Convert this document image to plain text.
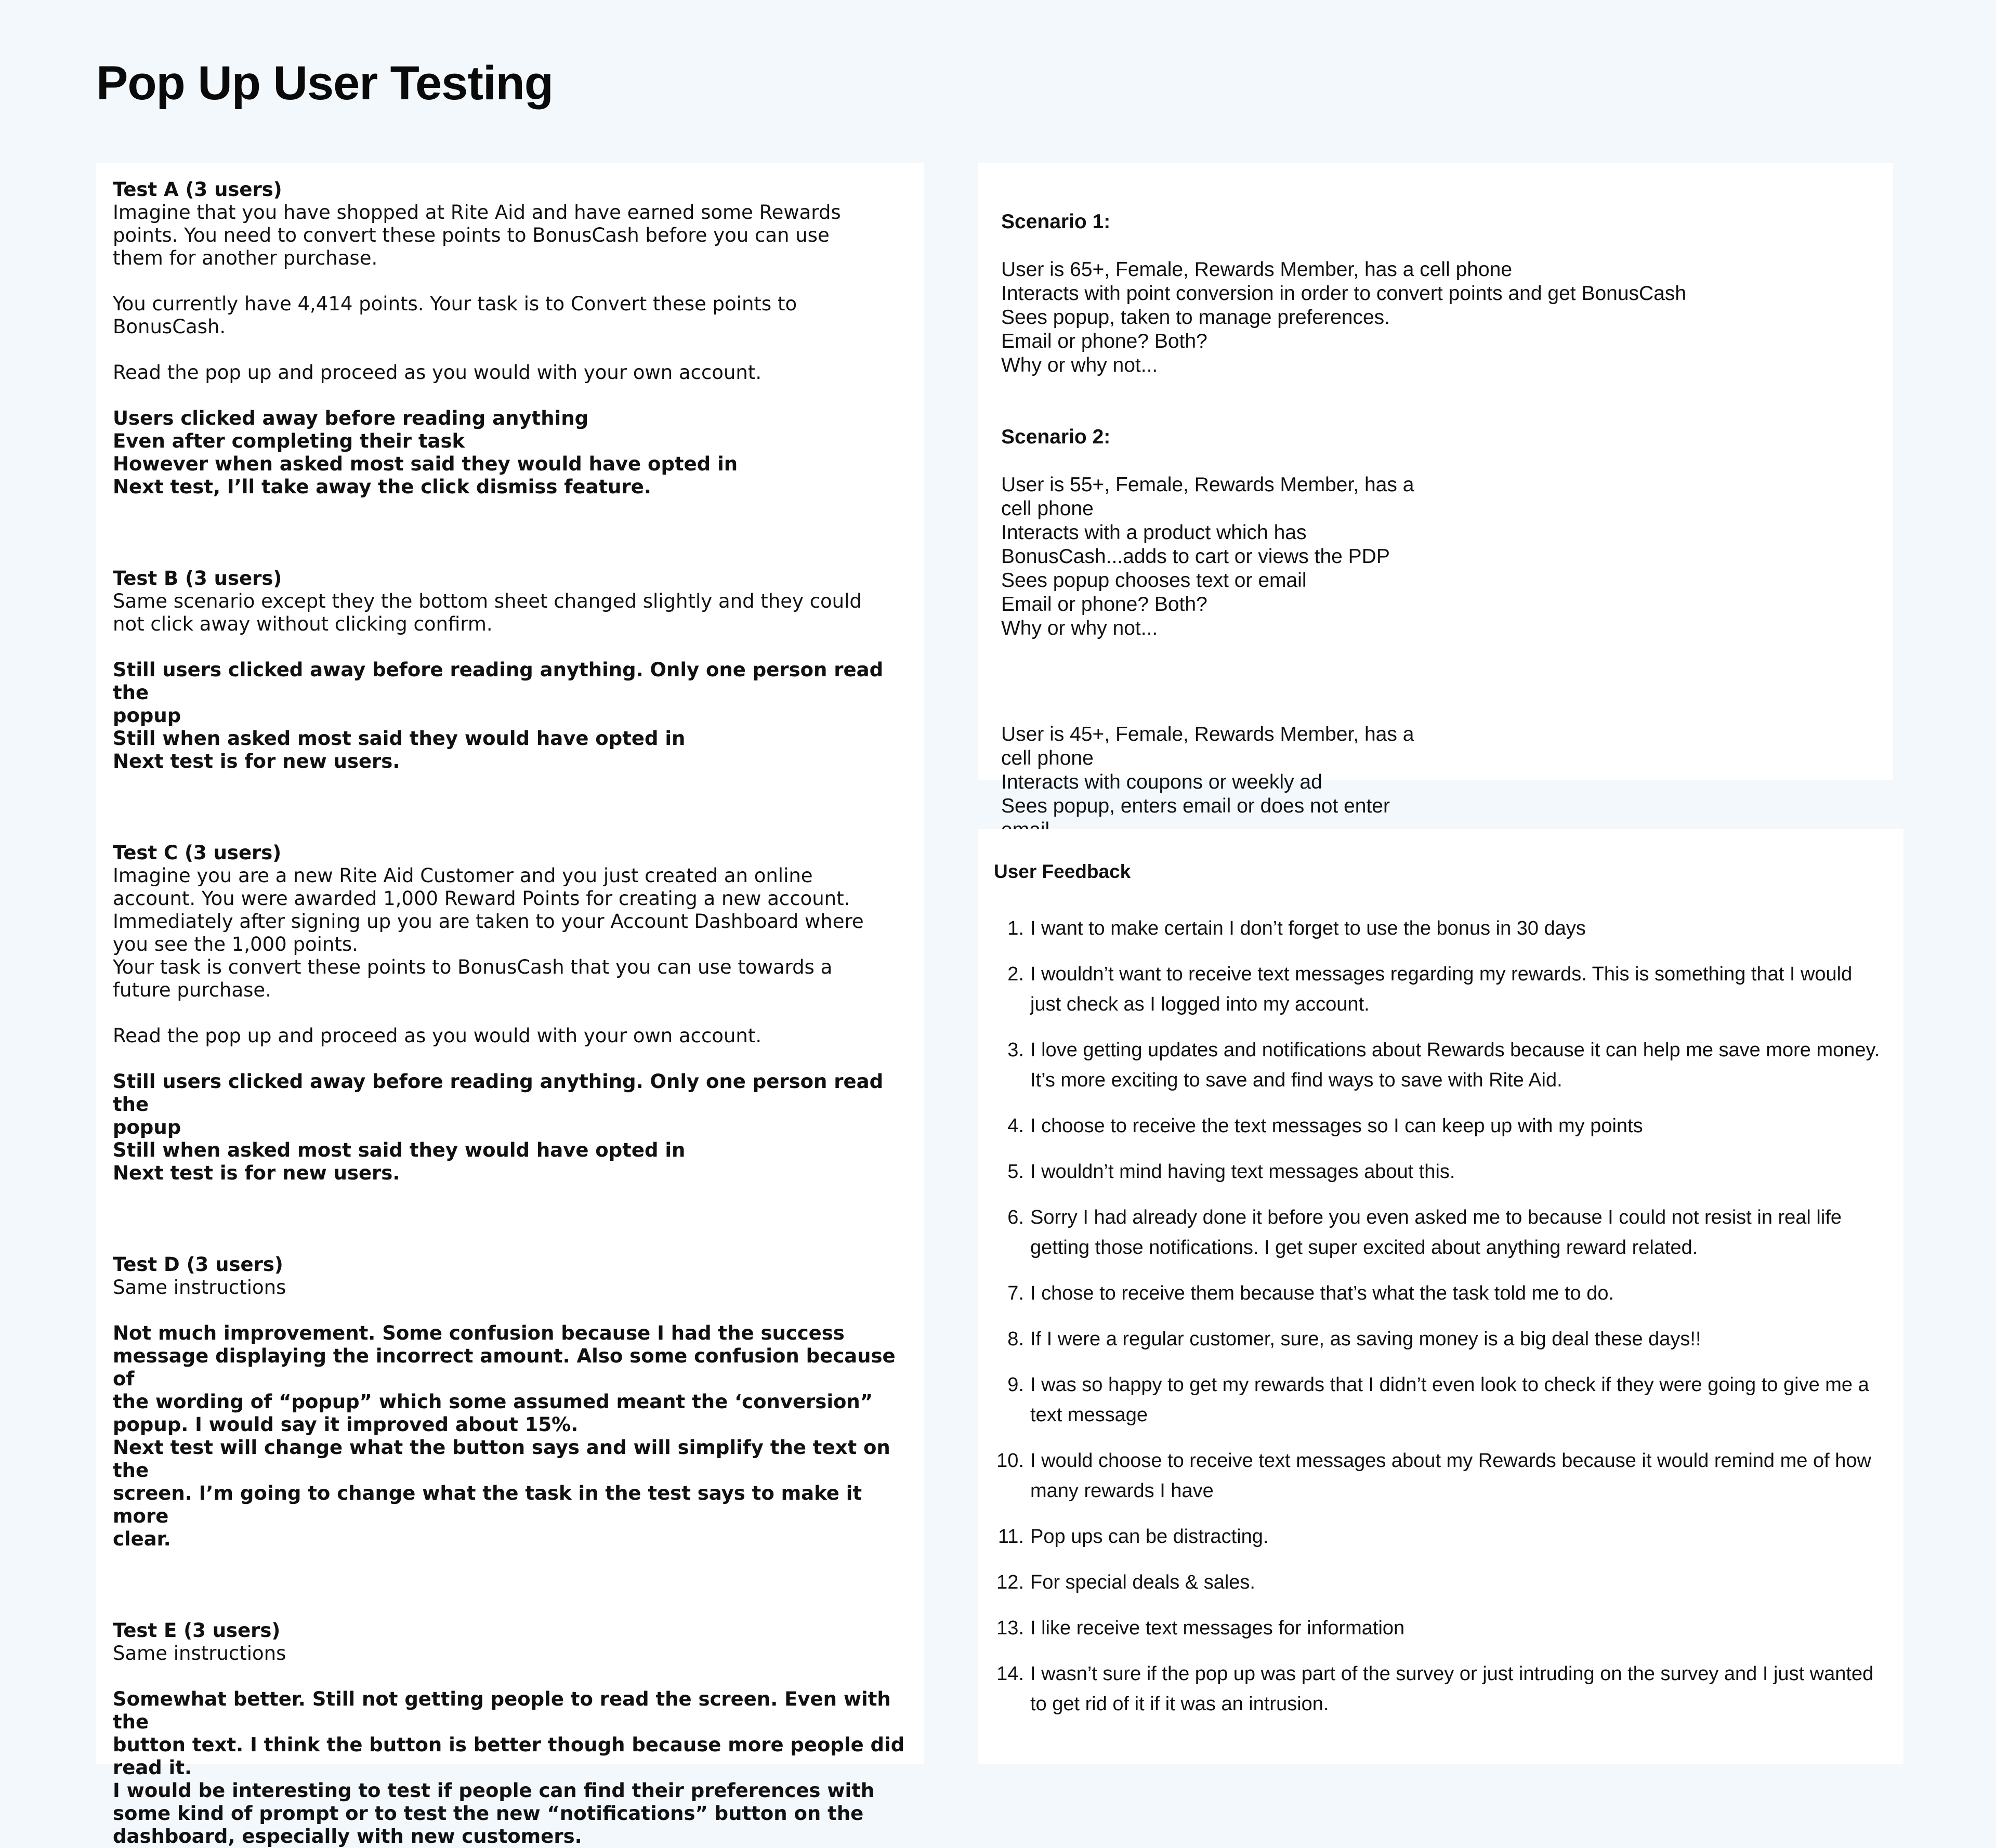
Pop Up User Testing
Test A (3 users)

Imagine that you have shopped at Rite Aid and have earned some Rewards
points. You need to convert these points to BonusCash before you can use
them for another purchase.

You currently have 4,414 points. Your task is to Convert these points to
BonusCash.

Read the pop up and proceed as you would with your own account.

Users clicked away before reading anything
Even after completing their task
However when asked most said they would have opted in
Next test, I’ll take away the click dismiss feature.
Test B (3 users)

Same scenario except they the bottom sheet changed slightly and they could
not click away without clicking confirm.

Still users clicked away before reading anything. Only one person read the
popup
Still when asked most said they would have opted in
Next test is for new users.
Test C (3 users)

Imagine you are a new Rite Aid Customer and you just created an online
account. You were awarded 1,000 Reward Points for creating a new account.
Immediately after signing up you are taken to your Account Dashboard where
you see the 1,000 points.
Your task is convert these points to BonusCash that you can use towards a
future purchase.

Read the pop up and proceed as you would with your own account.

Still users clicked away before reading anything. Only one person read the
popup
Still when asked most said they would have opted in
Next test is for new users.
Test D (3 users)

Same instructions

Not much improvement. Some confusion because I had the success
message displaying the incorrect amount. Also some confusion because of
the wording of “popup” which some assumed meant the ‘conversion”
popup. I would say it improved about 15%.
Next test will change what the button says and will simplify the text on the
screen. I’m going to change what the task in the test says to make it more
clear.
Test E (3 users)

Same instructions

Somewhat better. Still not getting people to read the screen. Even with the
button text. I think the button is better though because more people did
read it.
I would be interesting to test if people can find their preferences with
some kind of prompt or to test the new “notifications” button on the
dashboard, especially with new customers.

Scenario 1:

User is 65+, Female, Rewards Member, has a cell phone
Interacts with point conversion in order to convert points and get BonusCash
Sees popup, taken to manage preferences.
Email or phone? Both?
Why or why not...

Scenario 2:

User is 55+, Female, Rewards Member, has a
cell phone
Interacts with a product which has
BonusCash...adds to cart or views the PDP
Sees popup chooses text or email
Email or phone? Both?
Why or why not...

User is 45+, Female, Rewards Member, has a
cell phone
Interacts with coupons or weekly ad
Sees popup, enters email or does not enter

User Feedback
1. I want to make certain I don’t forget to use the bonus in 30 days
2. I wouldn’t want to receive text messages regarding my rewards. This is something that I would just check as I logged into my account.
3. I love getting updates and notifications about Rewards because it can help me save more money. It’s more exciting to save and find ways to save with Rite Aid.
4. I choose to receive the text messages so I can keep up with my points
5. I wouldn’t mind having text messages about this.
6. Sorry I had already done it before you even asked me to because I could not resist in real life getting those notifications. I get super excited about anything reward related.
7. I chose to receive them because that’s what the task told me to do.
8. If I were a regular customer, sure, as saving money is a big deal these days!!
9. I was so happy to get my rewards that I didn’t even look to check if they were going to give me a text message
10. I would choose to receive text messages about my Rewards because it would remind me of how many rewards I have
11. Pop ups can be distracting.
12. For special deals & sales.
13. I like receive text messages for information
14. I wasn’t sure if the pop up was part of the survey or just intruding on the survey and I just wanted to get rid of it if it was an intrusion.
